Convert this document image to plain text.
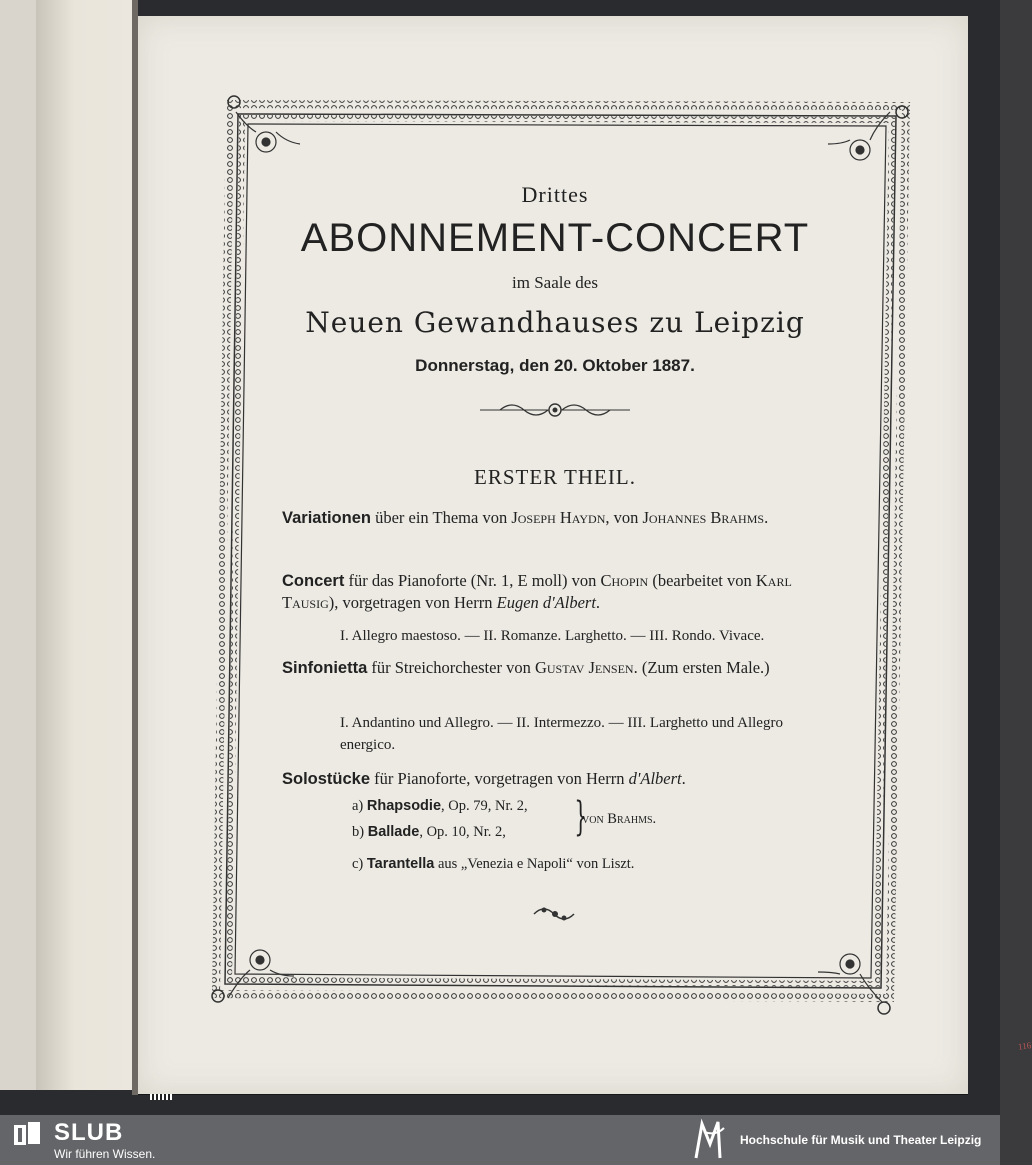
Drittes
ABONNEMENT-CONCERT
im Saale des
Neuen Gewandhauses zu Leipzig
Donnerstag, den 20. Oktober 1887.
ERSTER THEIL.
Variationen über ein Thema von Joseph Haydn, von Johannes Brahms.
Concert für das Pianoforte (Nr. 1, E moll) von Chopin (bearbeitet von Karl Tausig), vorgetragen von Herrn Eugen d'Albert.
I. Allegro maestoso. — II. Romanze. Larghetto. — III. Rondo. Vivace.
Sinfonietta für Streichorchester von Gustav Jensen. (Zum ersten Male.)
I. Andantino und Allegro. — II. Intermezzo. — III. Larghetto und Allegro energico.
Solostücke für Pianoforte, vorgetragen von Herrn d'Albert.
a) Rhapsodie, Op. 79, Nr. 2,
b) Ballade, Op. 10, Nr. 2, }
von Brahms.
c) Tarantella aus „Venezia e Napoli“ von Liszt.
116
SLUB
Wir führen Wissen.
Hochschule für Musik und Theater Leipzig
